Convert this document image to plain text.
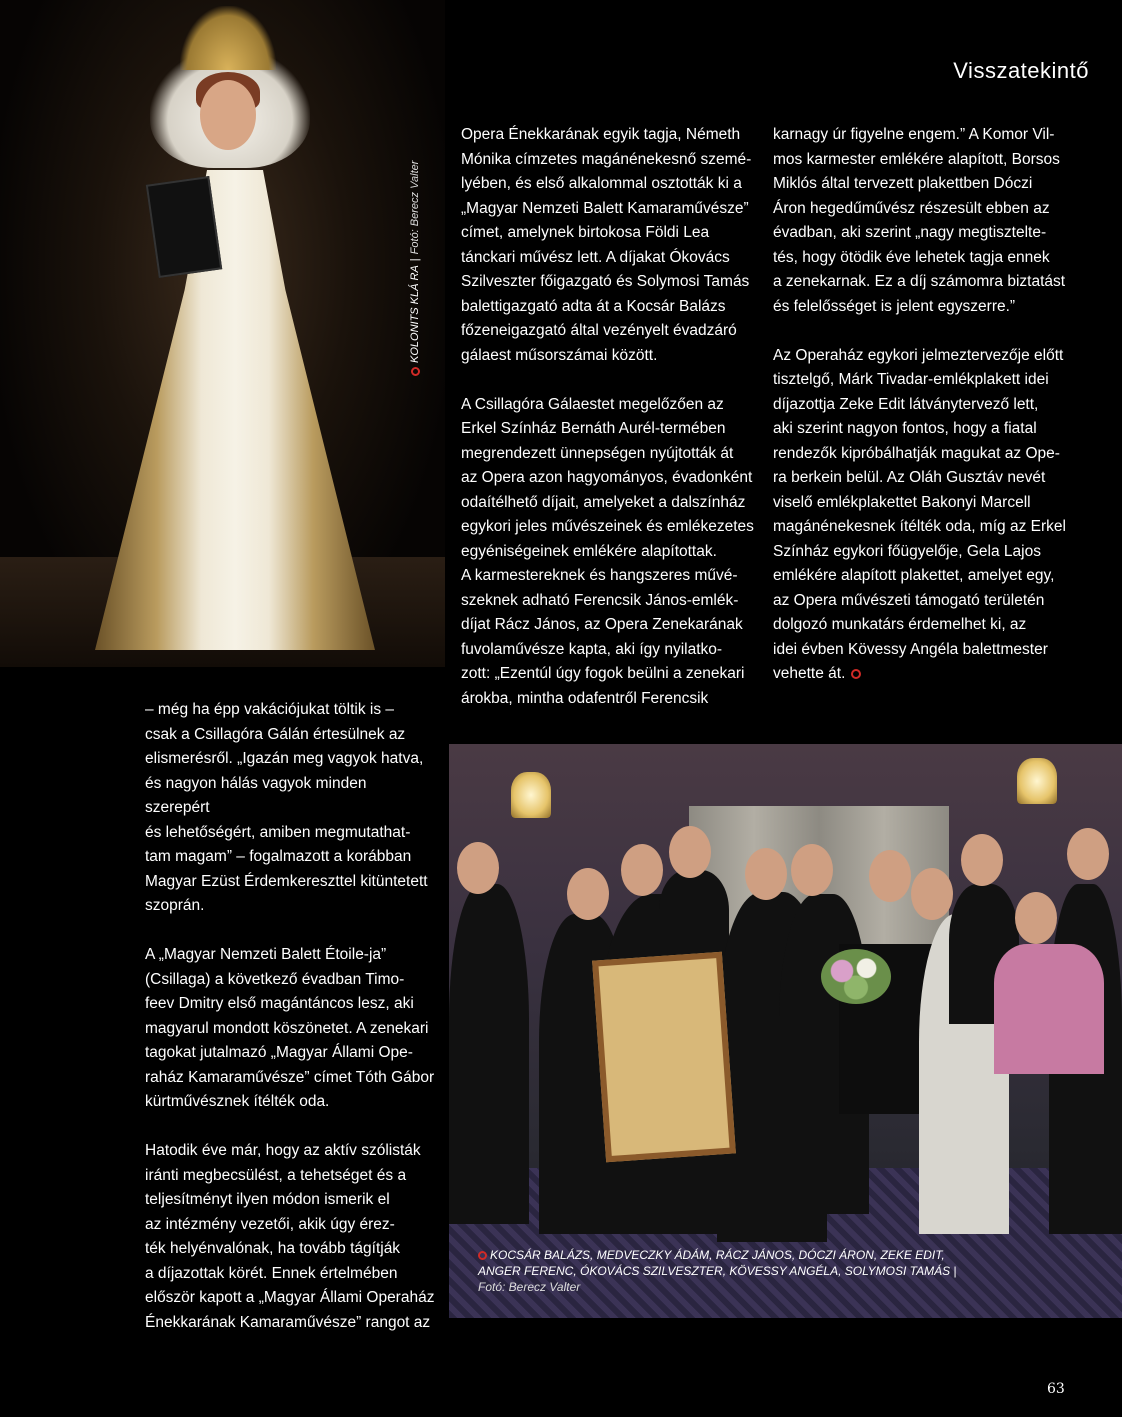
Visszatekintő
KOLONITS KLÁ RA
|
Fotó: Berecz Valter

Opera Énekkarának egyik tagja, Németh
Mónika címzetes magánénekesnő szemé-
lyében, és első alkalommal osztották ki a
„Magyar Nemzeti Balett Kamaraművésze”
címet, amelynek birtokosa Földi Lea
tánckari művész lett. A díjakat Ókovács
Szilveszter főigazgató és Solymosi Tamás
balettigazgató adta át a Kocsár Balázs
főzeneigazgató által vezényelt évadzáró
gálaest műsorszámai között.

A Csillagóra Gálaestet megelőzően az
Erkel Színház Bernáth Aurél-termében
megrendezett ünnepségen nyújtották át
az Opera azon hagyományos, évadonként
odaítélhető díjait, amelyeket a dalszínház
egykori jeles művészeinek és emlékezetes
egyéniségeinek emlékére alapítottak.
A karmestereknek és hangszeres művé-
szeknek adható Ferencsik János-emlék-
díjat Rácz János, az Opera Zenekarának
fuvolaművésze kapta, aki így nyilatko-
zott: „Ezentúl úgy fogok beülni a zenekari
árokba, mintha odafentről Ferencsik

karnagy úr figyelne engem.” A Komor Vil-
mos karmester emlékére alapított, Borsos
Miklós által tervezett plakettben Dóczi
Áron hegedűművész részesült ebben az
évadban, aki szerint „nagy megtisztelte-
tés, hogy ötödik éve lehetek tagja ennek
a zenekarnak. Ez a díj számomra biztatást
és felelősséget is jelent egyszerre.”

Az Operaház egykori jelmeztervezője előtt
tisztelgő, Márk Tivadar-emlékplakett idei
díjazottja Zeke Edit látványtervező lett,
aki szerint nagyon fontos, hogy a fiatal
rendezők kipróbálhatják magukat az Ope-
ra berkein belül. Az Oláh Gusztáv nevét
viselő emlékplakettet Bakonyi Marcell
magánénekesnek ítélték oda, míg az Erkel
Színház egykori főügyelője, Gela Lajos
emlékére alapított plakettet, amelyet egy,
az Opera művészeti támogató területén
dolgozó munkatárs érdemelhet ki, az
idei évben Kövessy Angéla balettmester
vehette át.

– még ha épp vakációjukat töltik is –
csak a Csillagóra Gálán értesülnek az
elismerésről. „Igazán meg vagyok hatva,
és nagyon hálás vagyok minden szerepért
és lehetőségért, amiben megmutathat-
tam magam” – fogalmazott a korábban
Magyar Ezüst Érdemkereszttel kitüntetett
szoprán.

A „Magyar Nemzeti Balett Étoile-ja”
(Csillaga) a következő évadban Timo-
feev Dmitry első magántáncos lesz, aki
magyarul mondott köszönetet. A zenekari
tagokat jutalmazó „Magyar Állami Ope-
raház Kamaraművésze” címet Tóth Gábor
kürtművésznek ítélték oda.

Hatodik éve már, hogy az aktív szólisták
iránti megbecsülést, a tehetséget és a
teljesítményt ilyen módon ismerik el
az intézmény vezetői, akik úgy érez-
ték helyénvalónak, ha tovább tágítják
a díjazottak körét. Ennek értelmében
először kapott a „Magyar Állami Operaház
Énekkarának Kamaraművésze” rangot az

KOCSÁR BALÁZS, MEDVECZKY ÁDÁM, RÁCZ JÁNOS, DÓCZI ÁRON, ZEKE EDIT, ANGER FERENC, ÓKOVÁCS SZILVESZTER, KÖVESSY ANGÉLA, SOLYMOSI TAMÁS | Fotó: Berecz Valter
63
